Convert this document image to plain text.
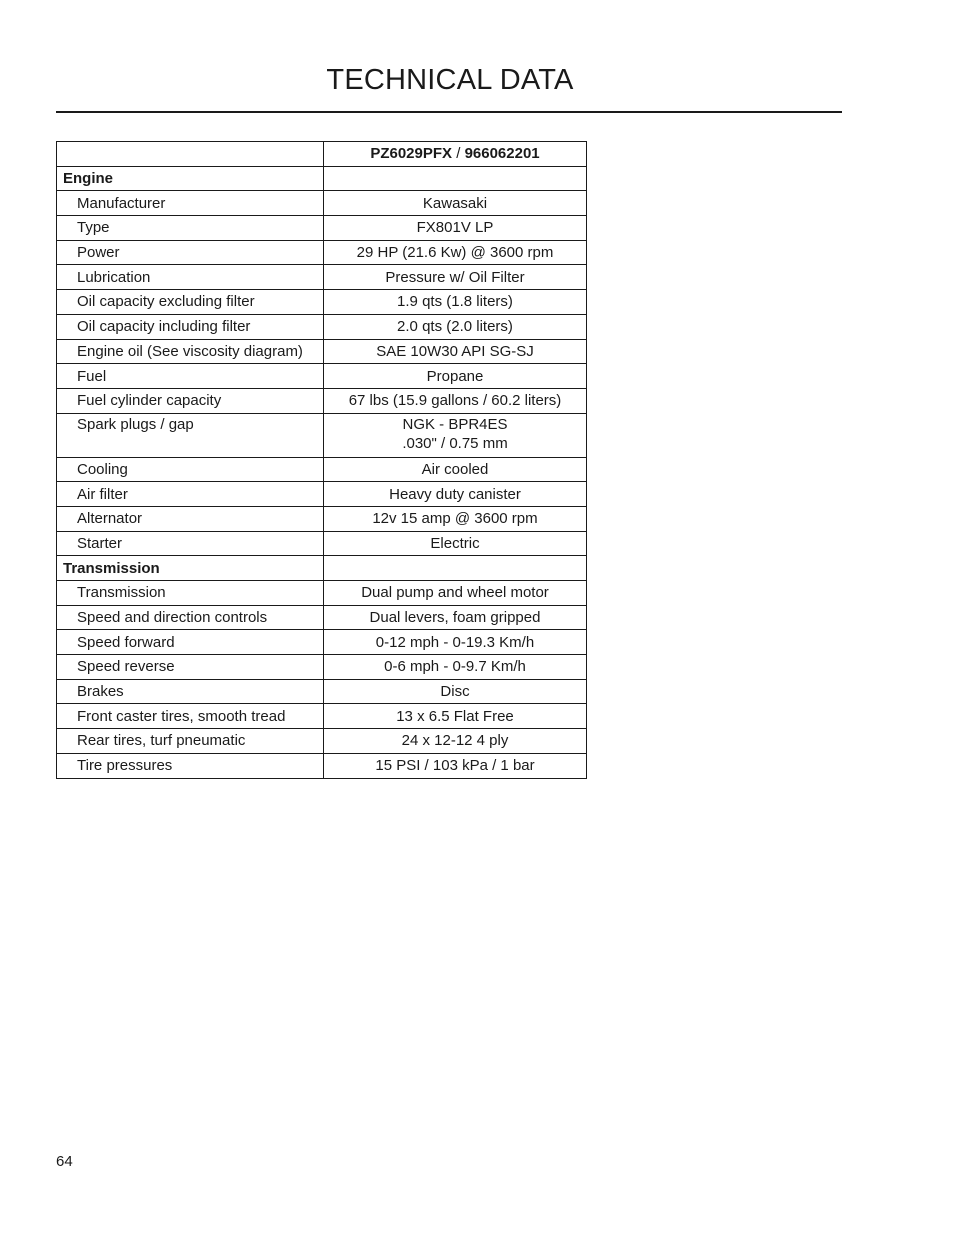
TECHNICAL DATA
	PZ6029PFX / 966062201
Engine	
Manufacturer	Kawasaki
Type	FX801V LP
Power	29 HP (21.6 Kw) @ 3600 rpm
Lubrication	Pressure w/ Oil Filter
Oil capacity excluding filter	1.9 qts (1.8 liters)
Oil capacity including filter	2.0 qts (2.0 liters)
Engine oil (See viscosity diagram)	SAE 10W30 API SG-SJ
Fuel	Propane
Fuel cylinder capacity	67 lbs (15.9 gallons / 60.2 liters)
Spark plugs / gap	NGK - BPR4ES
.030" / 0.75 mm

Cooling	Air cooled
Air filter	Heavy duty canister
Alternator	12v 15 amp @ 3600 rpm
Starter	Electric
Transmission	
Transmission	Dual pump and wheel motor
Speed and direction controls	Dual levers, foam gripped
Speed forward	0-12 mph - 0-19.3 Km/h
Speed reverse	0-6 mph - 0-9.7 Km/h
Brakes	Disc
Front caster tires, smooth tread	13 x 6.5 Flat Free
Rear tires, turf pneumatic	24 x 12-12 4 ply
Tire pressures	15 PSI / 103 kPa / 1 bar
64
